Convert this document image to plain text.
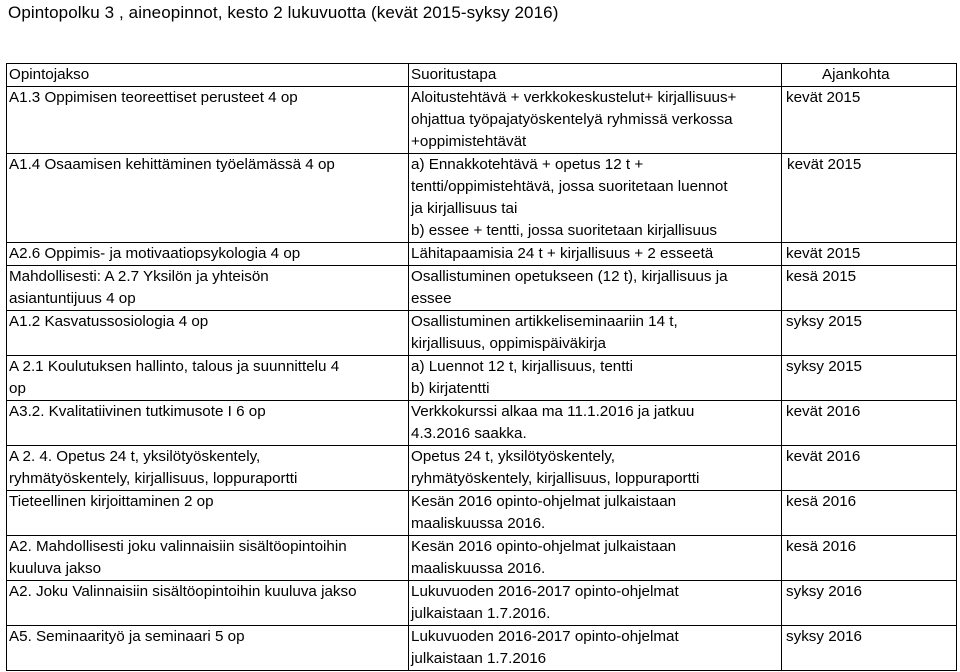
Opintopolku 3 , aineopinnot, kesto 2 lukuvuotta (kevät 2015-syksy 2016)
Opintojakso	Suoritustapa	Ajankohta
A1.3 Oppimisen teoreettiset perusteet 4 op	Aloitustehtävä + verkkokeskustelut+ kirjallisuus+
ohjattua työpajatyöskentelyä ryhmissä verkossa
+oppimistehtävät	kevät 2015
A1.4 Osaamisen kehittäminen työelämässä 4 op	a) Ennakkotehtävä + opetus 12 t +
tentti/oppimistehtävä, jossa suoritetaan luennot
ja kirjallisuus tai
b) essee + tentti, jossa suoritetaan kirjallisuus	kevät 2015
A2.6 Oppimis- ja motivaatiopsykologia 4 op	Lähitapaamisia 24 t + kirjallisuus + 2 esseetä	kevät 2015
Mahdollisesti: A 2.7 Yksilön ja yhteisön
asiantuntijuus 4 op	Osallistuminen opetukseen (12 t), kirjallisuus ja
essee	kesä 2015
A1.2 Kasvatussosiologia 4 op	Osallistuminen artikkeliseminaariin 14 t,
kirjallisuus, oppimispäiväkirja	syksy 2015
A 2.1 Koulutuksen hallinto, talous ja suunnittelu 4
op	a) Luennot 12 t, kirjallisuus, tentti
b) kirjatentti	syksy 2015
A3.2. Kvalitatiivinen tutkimusote I 6 op	Verkkokurssi alkaa ma 11.1.2016 ja jatkuu
4.3.2016 saakka.	kevät 2016
A 2. 4. Opetus 24 t, yksilötyöskentely,
ryhmätyöskentely, kirjallisuus, loppuraportti	Opetus 24 t, yksilötyöskentely,
ryhmätyöskentely, kirjallisuus, loppuraportti	kevät 2016
Tieteellinen kirjoittaminen 2 op	Kesän 2016 opinto-ohjelmat julkaistaan
maaliskuussa 2016.	kesä 2016
A2. Mahdollisesti joku valinnaisiin sisältöopintoihin
kuuluva jakso	Kesän 2016 opinto-ohjelmat julkaistaan
maaliskuussa 2016.	kesä 2016
A2. Joku Valinnaisiin sisältöopintoihin kuuluva jakso	Lukuvuoden 2016-2017 opinto-ohjelmat
julkaistaan 1.7.2016.	syksy 2016
A5. Seminaarityö ja seminaari 5 op	Lukuvuoden 2016-2017 opinto-ohjelmat
julkaistaan 1.7.2016	syksy 2016
